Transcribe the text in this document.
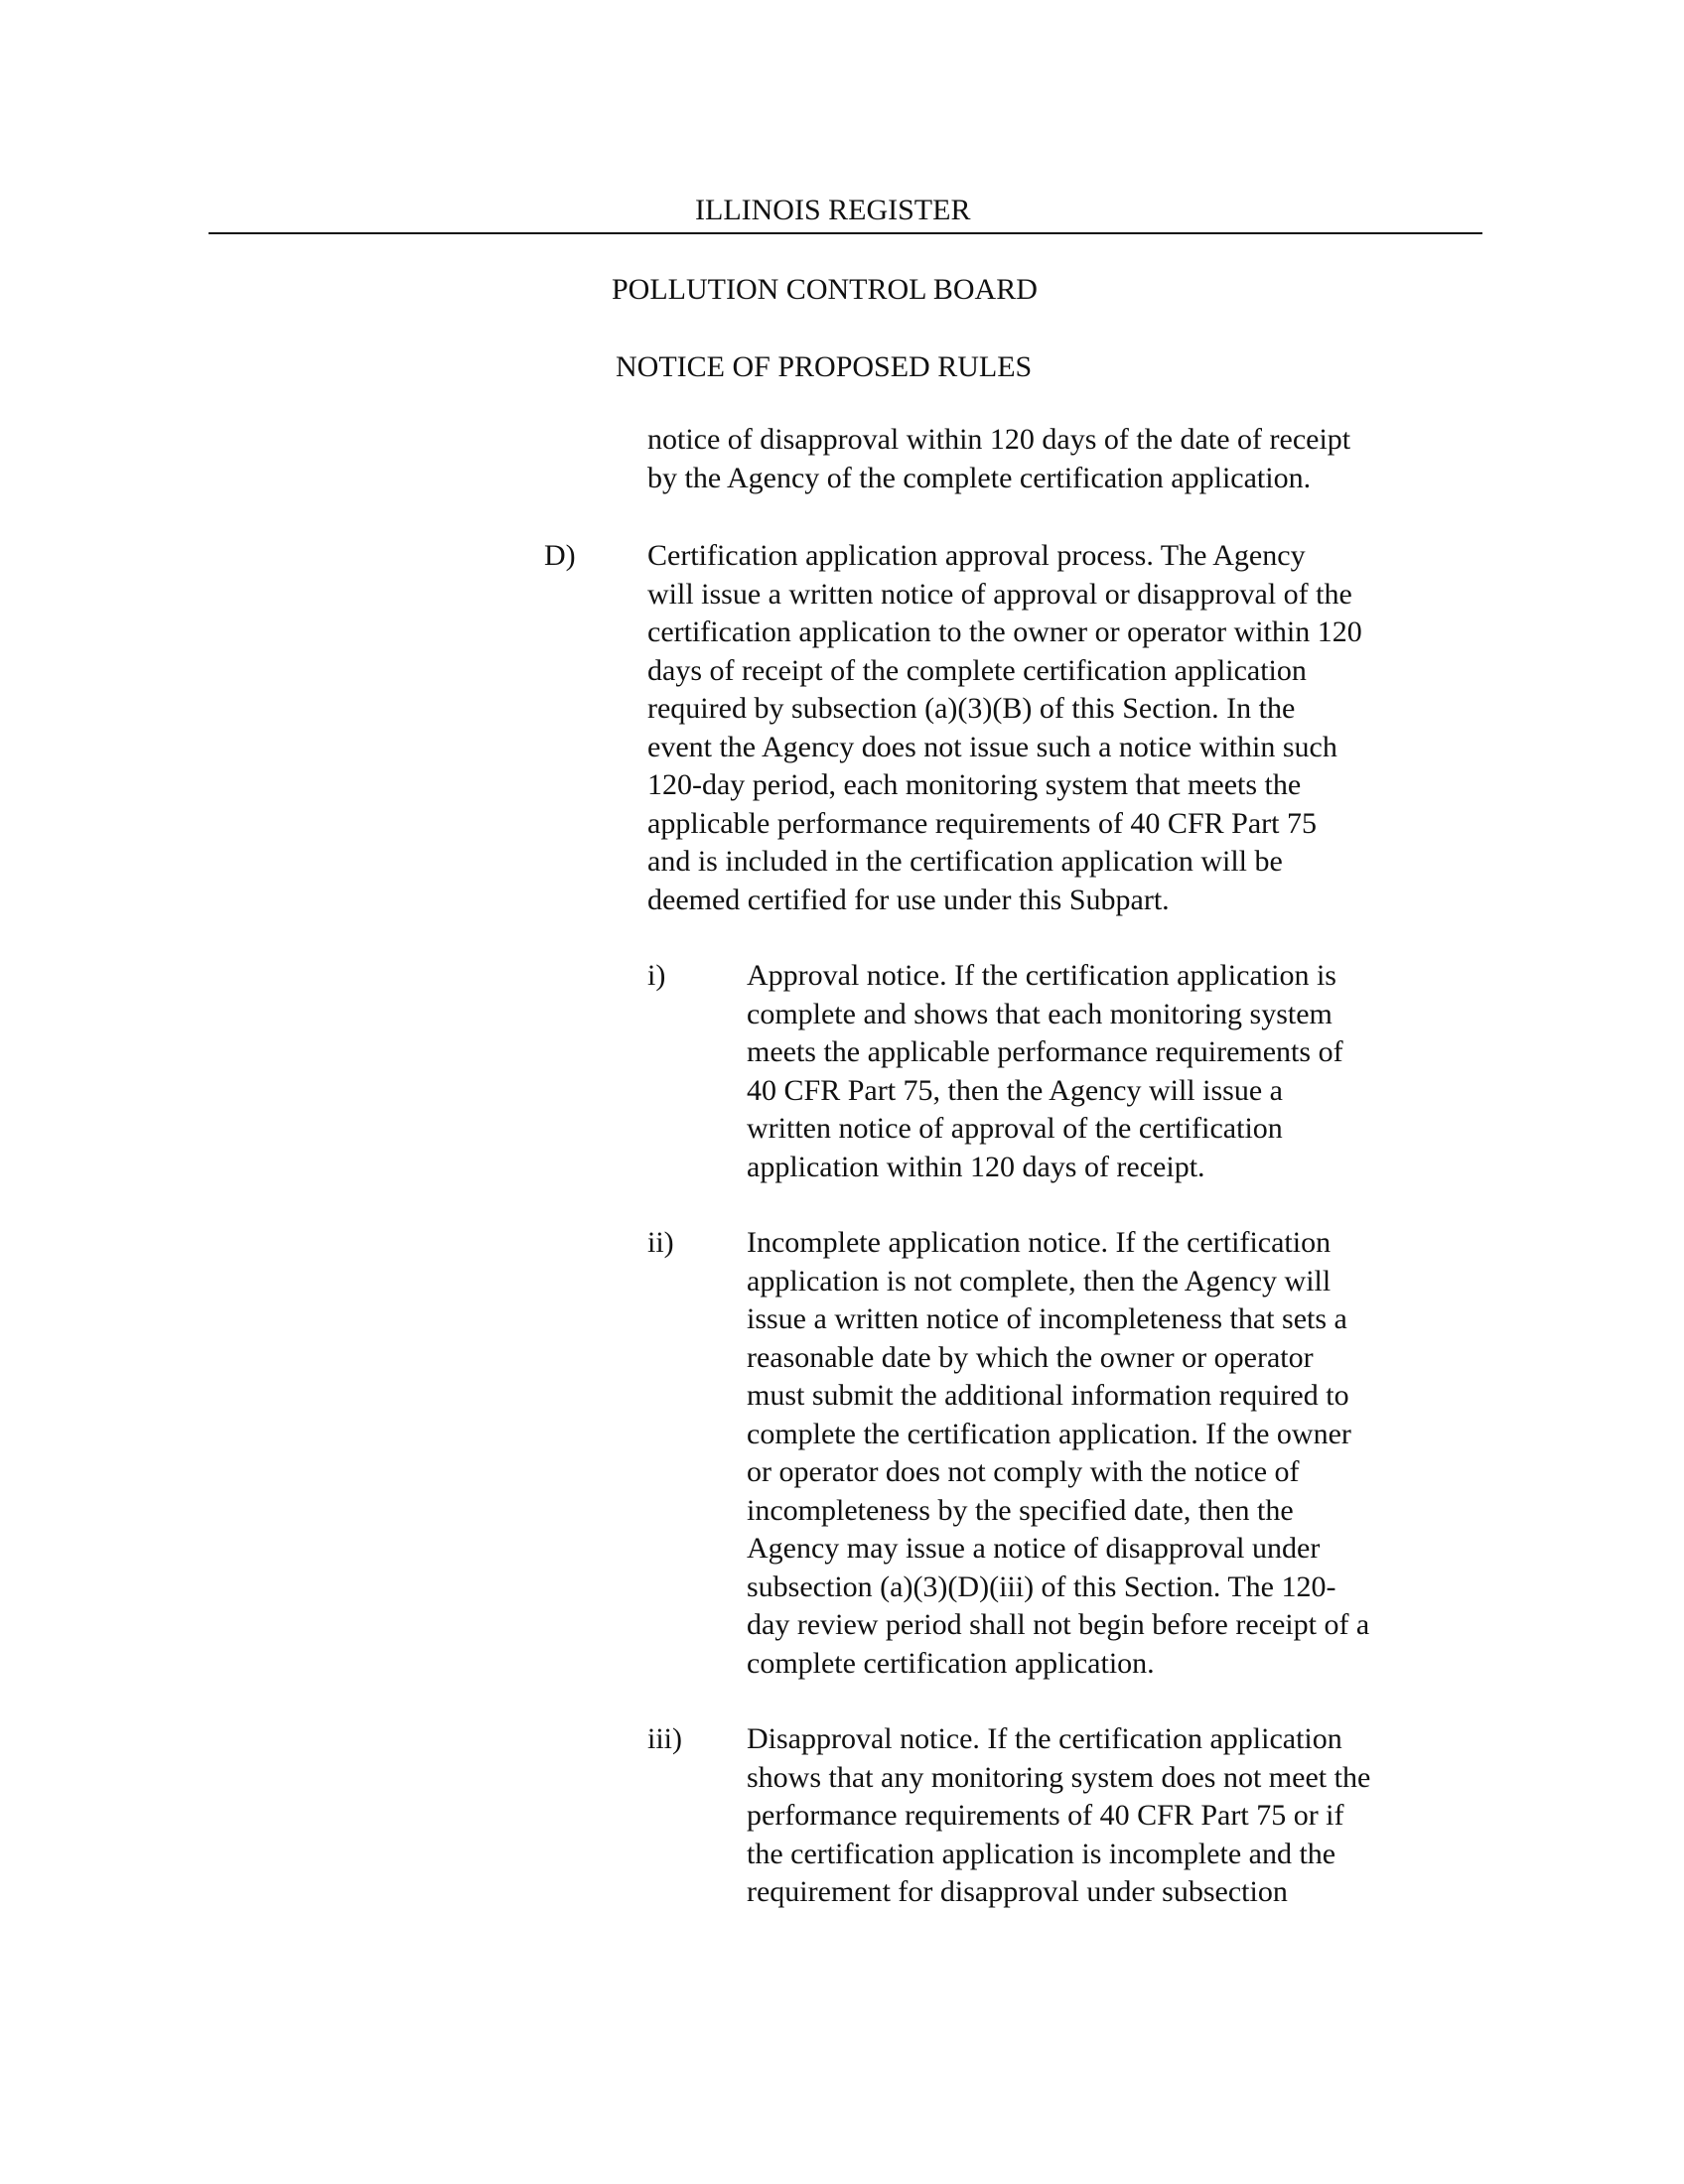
ILLINOIS REGISTER
POLLUTION CONTROL BOARD
NOTICE OF PROPOSED RULES
notice of disapproval within 120 days of the date of receipt
by the Agency of the complete certification application.
D) Certification application approval process. The Agency
will issue a written notice of approval or disapproval of the
certification application to the owner or operator within 120
days of receipt of the complete certification application
required by subsection (a)(3)(B) of this Section. In the
event the Agency does not issue such a notice within such
120-day period, each monitoring system that meets the
applicable performance requirements of 40 CFR Part 75
and is included in the certification application will be
deemed certified for use under this Subpart.
i)	Approval notice. If the certification application is
complete and shows that each monitoring system
meets the applicable performance requirements of
40 CFR Part 75, then the Agency will issue a
written notice of approval of the certification
application within 120 days of receipt.
ii) Incomplete application notice. If the certification
application is not complete, then the Agency will
issue a written notice of incompleteness that sets a
reasonable date by which the owner or operator
must submit the additional information required to
complete the certification application. If the owner
or operator does not comply with the notice of
incompleteness by the specified date, then the
Agency may issue a notice of disapproval under
subsection (a)(3)(D)(iii) of this Section. The 120-
day review period shall not begin before receipt of a
complete certification application.
iii) Disapproval notice. If the certification application
shows that any monitoring system does not meet the
performance requirements of 40 CFR Part 75 or if
the certification application is incomplete and the
requirement for disapproval under subsection
